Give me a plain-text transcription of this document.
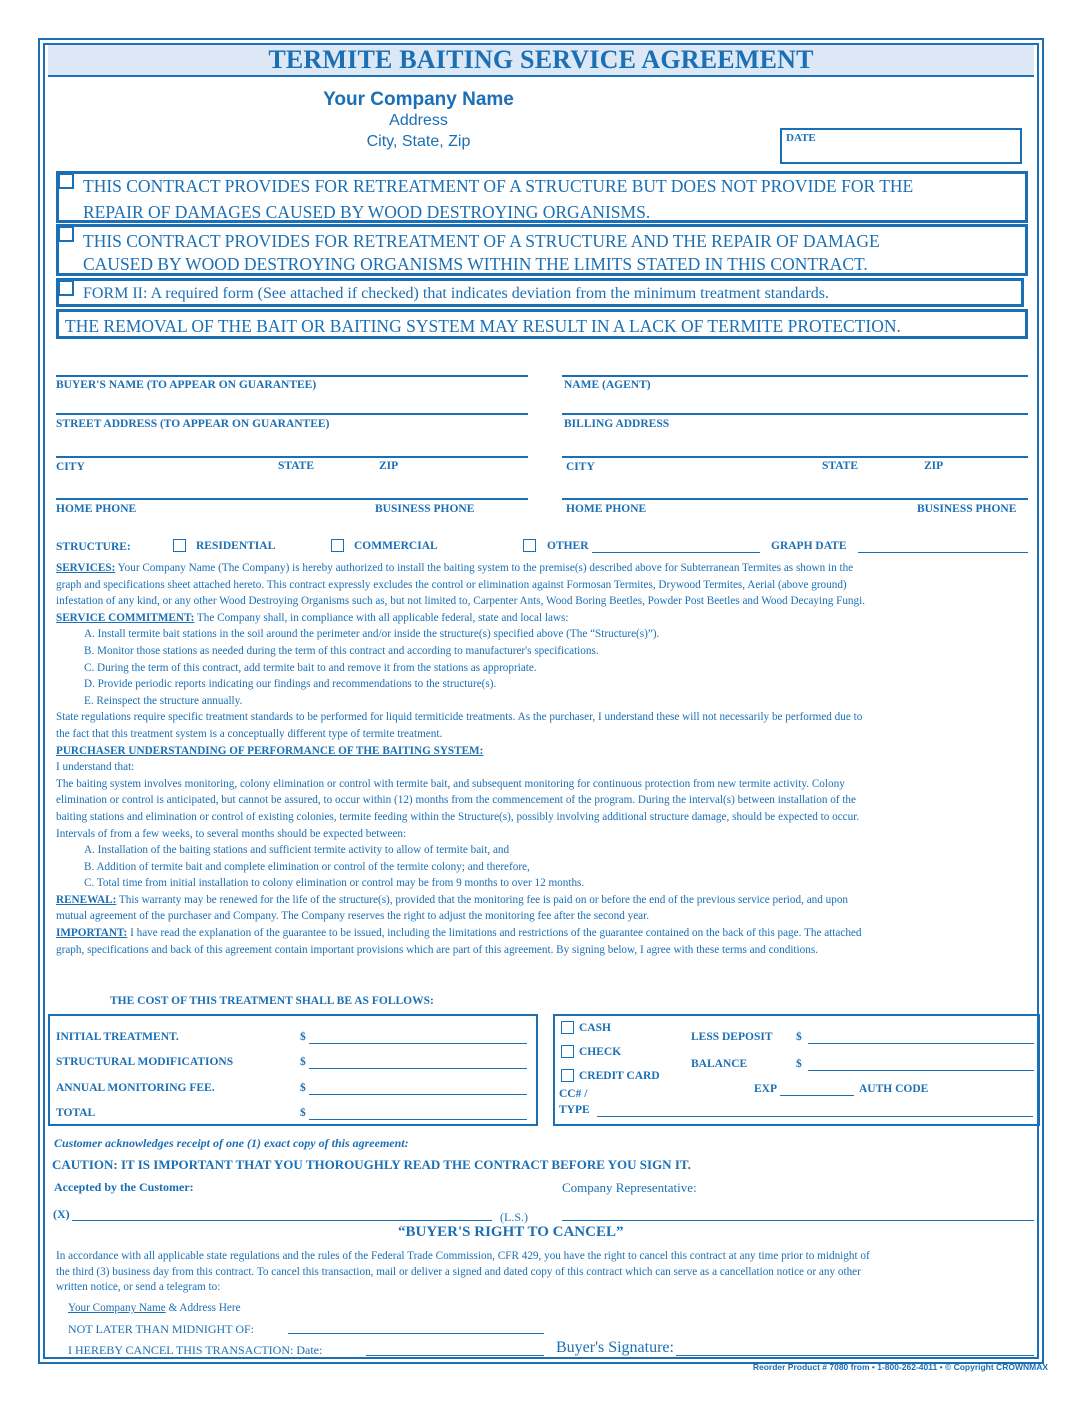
TERMITE BAITING SERVICE AGREEMENT
Your Company Name
Address
City, State, Zip	DATE
THIS CONTRACT PROVIDES FOR RETREATMENT OF A STRUCTURE BUT DOES NOT PROVIDE FOR THE
REPAIR OF DAMAGES CAUSED BY WOOD DESTROYING ORGANISMS.
THIS CONTRACT PROVIDES FOR RETREATMENT OF A STRUCTURE AND THE REPAIR OF DAMAGE
CAUSED BY WOOD DESTROYING ORGANISMS WITHIN THE LIMITS STATED IN THIS CONTRACT.
FORM II: A required form (See attached if checked) that indicates deviation from the minimum treatment standards.
THE REMOVAL OF THE BAIT OR BAITING SYSTEM MAY RESULT IN A LACK OF TERMITE PROTECTION.
BUYER'S NAME (TO APPEAR ON GUARANTEE)	NAME (AGENT)
STREET ADDRESS (TO APPEAR ON GUARANTEE)	BILLING ADDRESS
CITY	STATE	ZIP	CITY	STATE	ZIP
HOME PHONE	BUSINESS PHONE	HOME PHONE	BUSINESS PHONE
STRUCTURE:	RESIDENTIAL	COMMERCIAL	OTHER	GRAPH DATE
SERVICES: Your Company Name (The Company) is hereby authorized to install the baiting system to the premise(s) described above for Subterranean Termites as shown in the
graph and specifications sheet attached hereto. This contract expressly excludes the control or elimination against Formosan Termites, Drywood Termites, Aerial (above ground)
infestation of any kind, or any other Wood Destroying Organisms such as, but not limited to, Carpenter Ants, Wood Boring Beetles, Powder Post Beetles and Wood Decaying Fungi.
SERVICE COMMITMENT: The Company shall, in compliance with all applicable federal, state and local laws:
A. Install termite bait stations in the soil around the perimeter and/or inside the structure(s) specified above (The “Structure(s)”).
B. Monitor those stations as needed during the term of this contract and according to manufacturer's specifications.
C. During the term of this contract, add termite bait to and remove it from the stations as appropriate.
D. Provide periodic reports indicating our findings and recommendations to the structure(s).
E. Reinspect the structure annually.
State regulations require specific treatment standards to be performed for liquid termiticide treatments. As the purchaser, I understand these will not necessarily be performed due to
the fact that this treatment system is a conceptually different type of termite treatment.
PURCHASER UNDERSTANDING OF PERFORMANCE OF THE BAITING SYSTEM:
I understand that:
The baiting system involves monitoring, colony elimination or control with termite bait, and subsequent monitoring for continuous protection from new termite activity. Colony
elimination or control is anticipated, but cannot be assured, to occur within (12) months from the commencement of the program. During the interval(s) between installation of the
baiting stations and elimination or control of existing colonies, termite feeding within the Structure(s), possibly involving additional structure damage, should be expected to occur.
Intervals of from a few weeks, to several months should be expected between:
A. Installation of the baiting stations and sufficient termite activity to allow of termite bait, and
B. Addition of termite bait and complete elimination or control of the termite colony; and therefore,
C. Total time from initial installation to colony elimination or control may be from 9 months to over 12 months.
RENEWAL: This warranty may be renewed for the life of the structure(s), provided that the monitoring fee is paid on or before the end of the previous service period, and upon
mutual agreement of the purchaser and Company. The Company reserves the right to adjust the monitoring fee after the second year.
IMPORTANT: I have read the explanation of the guarantee to be issued, including the limitations and restrictions of the guarantee contained on the back of this page. The attached
graph, specifications and back of this agreement contain important provisions which are part of this agreement. By signing below, I agree with these terms and conditions.
THE COST OF THIS TREATMENT SHALL BE AS FOLLOWS:
INITIAL TREATMENT.	$
STRUCTURAL MODIFICATIONS	$
ANNUAL MONITORING FEE.	$
TOTAL	$
CASH
CHECK
CREDIT CARD
CC# /
TYPE
LESS DEPOSIT $
BALANCE	$
EXP	AUTH CODE
Customer acknowledges receipt of one (1) exact copy of this agreement:
CAUTION: IT IS IMPORTANT THAT YOU THOROUGHLY READ THE CONTRACT BEFORE YOU SIGN IT.
Accepted by the Customer:	Company Representative:
(X)	(L.S.)
“BUYER'S RIGHT TO CANCEL”
In accordance with all applicable state regulations and the rules of the Federal Trade Commission, CFR 429, you have the right to cancel this contract at any time prior to midnight of
the third (3) business day from this contract. To cancel this transaction, mail or deliver a signed and dated copy of this contract which can serve as a cancellation notice or any other
written notice, or send a telegram to:
Your Company Name & Address Here
NOT LATER THAN MIDNIGHT OF:
I HEREBY CANCEL THIS TRANSACTION: Date:	Buyer's Signature:
Reorder Product # 7080 from • 1-800-262-4011 • © Copyright CROWNMAX
